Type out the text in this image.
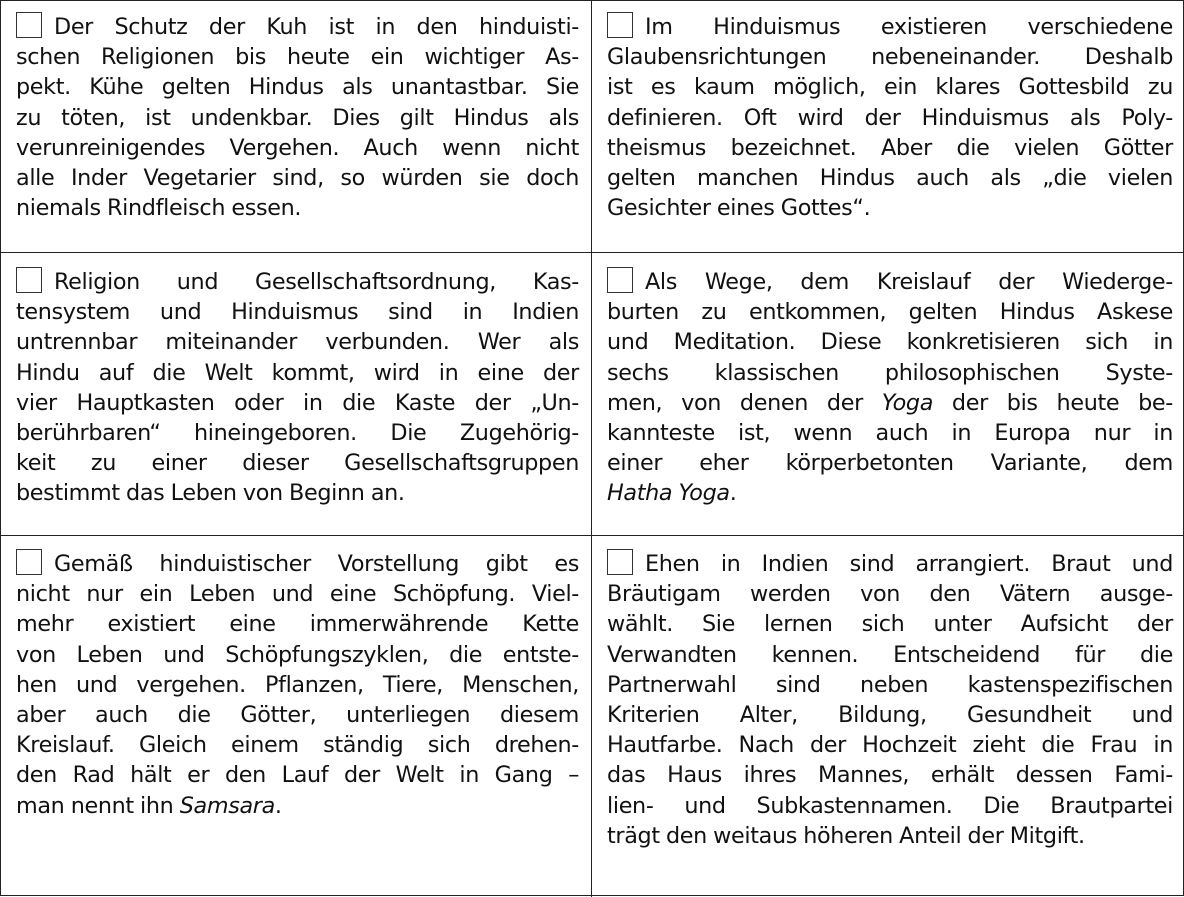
Der Schutz der Kuh ist in den hinduisti-
schen Religionen bis heute ein wichtiger As-
pekt. Kühe gelten Hindus als unantastbar. Sie
zu töten, ist undenkbar. Dies gilt Hindus als
verunreinigendes Vergehen. Auch wenn nicht
alle Inder Vegetarier sind, so würden sie doch
niemals Rindfleisch essen.
Im Hinduismus existieren verschiedene
Glaubensrichtungen nebeneinander. Deshalb
ist es kaum möglich, ein klares Gottesbild zu
definieren. Oft wird der Hinduismus als Poly-
theismus bezeichnet. Aber die vielen Götter
gelten manchen Hindus auch als „die vielen
Gesichter eines Gottes“.
Religion und Gesellschaftsordnung, Kas-
tensystem und Hinduismus sind in Indien
untrennbar miteinander verbunden. Wer als
Hindu auf die Welt kommt, wird in eine der
vier Hauptkasten oder in die Kaste der „Un-
berührbaren“ hineingeboren. Die Zugehörig-
keit zu einer dieser Gesellschaftsgruppen
bestimmt das Leben von Beginn an.
Als Wege, dem Kreislauf der Wiederge-
burten zu entkommen, gelten Hindus Askese
und Meditation. Diese konkretisieren sich in
sechs klassischen philosophischen Syste-
men, von denen der Yoga der bis heute be-
kannteste ist, wenn auch in Europa nur in
einer eher körperbetonten Variante, dem
Hatha Yoga.
Gemäß hinduistischer Vorstellung gibt es
nicht nur ein Leben und eine Schöpfung. Viel-
mehr existiert eine immerwährende Kette
von Leben und Schöpfungszyklen, die entste-
hen und vergehen. Pflanzen, Tiere, Menschen,
aber auch die Götter, unterliegen diesem
Kreislauf. Gleich einem ständig sich drehen-
den Rad hält er den Lauf der Welt in Gang –
man nennt ihn Samsara.
Ehen in Indien sind arrangiert. Braut und
Bräutigam werden von den Vätern ausge-
wählt. Sie lernen sich unter Aufsicht der
Verwandten kennen. Entscheidend für die
Partnerwahl sind neben kastenspezifischen
Kriterien Alter, Bildung, Gesundheit und
Hautfarbe. Nach der Hochzeit zieht die Frau in
das Haus ihres Mannes, erhält dessen Fami-
lien- und Subkastennamen. Die Brautpartei
trägt den weitaus höheren Anteil der Mitgift.
